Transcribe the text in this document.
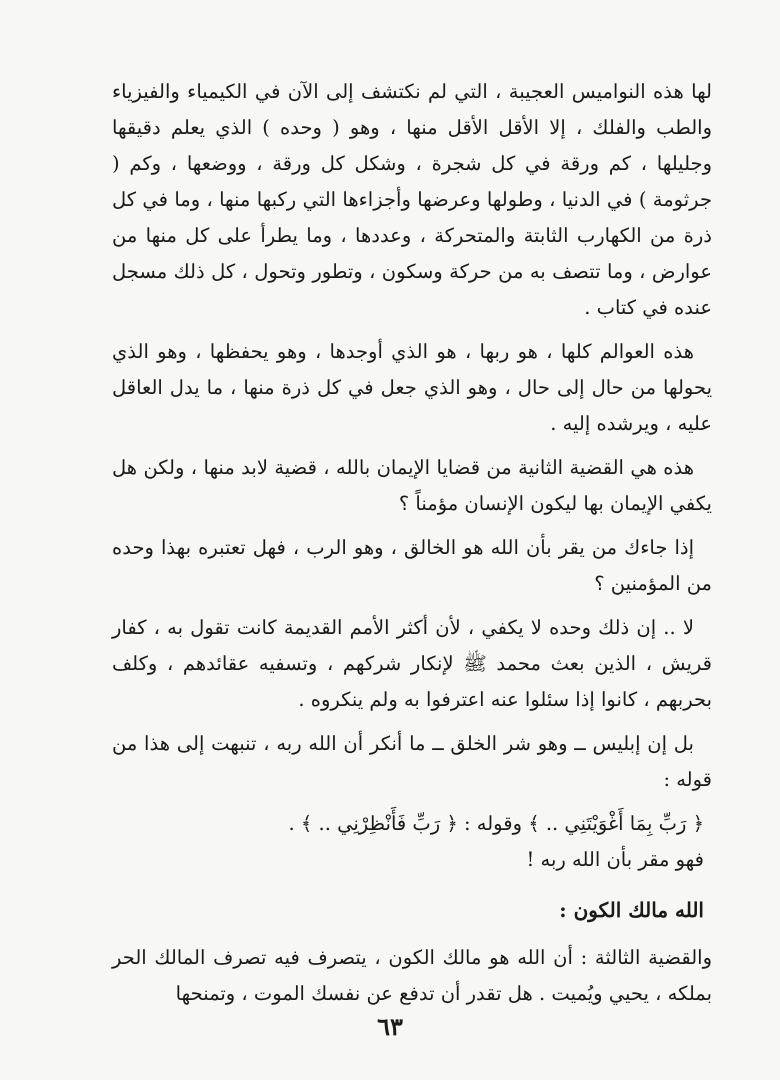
لها هذه النواميس العجيبة ، التي لم نكتشف إلى الآن في الكيمياء والفيزياء والطب والفلك ، إلا الأقل الأقل منها ، وهو ( وحده ) الذي يعلم دقيقها وجليلها ، كم ورقة في كل شجرة ، وشكل كل ورقة ، ووضعها ، وكم ( جرثومة ) في الدنيا ، وطولها وعرضها وأجزاءها التي ركبها منها ، وما في كل ذرة من الكهارب الثابتة والمتحركة ، وعددها ، وما يطرأ على كل منها من عوارض ، وما تتصف به من حركة وسكون ، وتطور وتحول ، كل ذلك مسجل عنده في كتاب .

هذه العوالم كلها ، هو ربها ، هو الذي أوجدها ، وهو يحفظها ، وهو الذي يحولها من حال إلى حال ، وهو الذي جعل في كل ذرة منها ، ما يدل العاقل عليه ، ويرشده إليه .

هذه هي القضية الثانية من قضايا الإيمان بالله ، قضية لابد منها ، ولكن هل يكفي الإيمان بها ليكون الإنسان مؤمناً ؟

إذا جاءك من يقر بأن الله هو الخالق ، وهو الرب ، فهل تعتبره بهذا وحده من المؤمنين ؟

لا .. إن ذلك وحده لا يكفي ، لأن أكثر الأمم القديمة كانت تقول به ، كفار قريش ، الذين بعث محمد ﷺ لإنكار شركهم ، وتسفيه عقائدهم ، وكلف بحربهم ، كانوا إذا سئلوا عنه اعترفوا به ولم ينكروه .

بل إن إبليس ــ وهو شر الخلق ــ ما أنكر أن الله ربه ، تنبهت إلى هذا من قوله :

﴿ رَبِّ بِمَا أَغْوَيْتَنِي .. ﴾ وقوله : ﴿ رَبِّ فَأَنْظِرْنِي .. ﴾ .

فهو مقر بأن الله ربه !

الله مالك الكون :

والقضية الثالثة : أن الله هو مالك الكون ، يتصرف فيه تصرف المالك الحر بملكه ، يحيي ويُميت . هل تقدر أن تدفع عن نفسك الموت ، وتمنحها

٦٣
